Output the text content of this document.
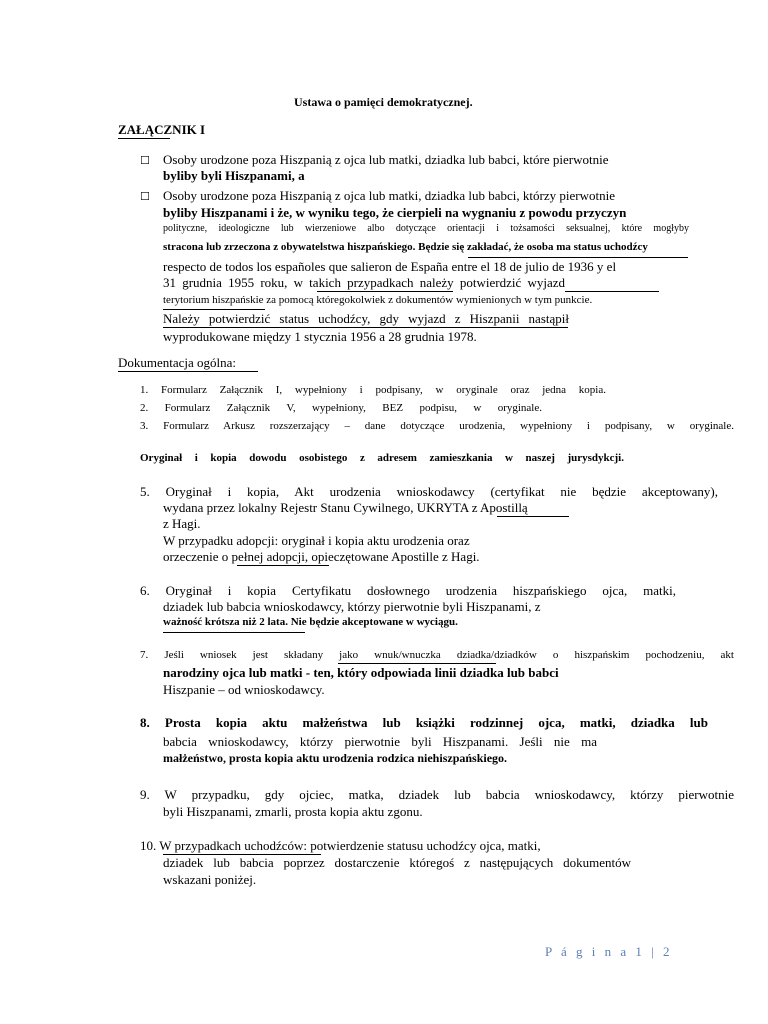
Ustawa o pamięci demokratycznej.
ZAŁĄCZNIK I
☐ Osoby urodzone poza Hiszpanią z ojca lub matki, dziadka lub babci, które pierwotnie
byliby byli Hiszpanami, a
☐ Osoby urodzone poza Hiszpanią z ojca lub matki, dziadka lub babci, którzy pierwotnie
byliby Hiszpanami i że, w wyniku tego, że cierpieli na wygnaniu z powodu przyczyn
polityczne, ideologiczne lub wierzeniowe albo dotyczące orientacji i tożsamości seksualnej, które mogłyby
stracona lub zrzeczona z obywatelstwa hiszpańskiego. Będzie się zakładać, że osoba ma status uchodźcy
respecto de todos los españoles que salieron de España entre el 18 de julio de 1936 y el
31 grudnia 1955 roku, w takich przypadkach należy potwierdzić wyjazd
terytorium hiszpańskie za pomocą któregokolwiek z dokumentów wymienionych w tym punkcie.
Należy potwierdzić status uchodźcy, gdy wyjazd z Hiszpanii nastąpił
wyprodukowane między 1 stycznia 1956 a 28 grudnia 1978.
Dokumentacja ogólna:
1. Formularz Załącznik I, wypełniony i podpisany, w oryginale oraz jedna kopia.
2. Formularz Załącznik V, wypełniony, BEZ podpisu, w oryginale.
3. Formularz Arkusz rozszerzający – dane dotyczące urodzenia, wypełniony i podpisany, w oryginale.
Oryginał i kopia dowodu osobistego z adresem zamieszkania w naszej jurysdykcji.
5. Oryginał i kopia, Akt urodzenia wnioskodawcy (certyfikat nie będzie akceptowany),
wydana przez lokalny Rejestr Stanu Cywilnego, UKRYTA z Apostillą
z Hagi.
W przypadku adopcji: oryginał i kopia aktu urodzenia oraz
orzeczenie o pełnej adopcji, opieczętowane Apostille z Hagi.
6. Oryginał i kopia Certyfikatu dosłownego urodzenia hiszpańskiego ojca, matki,
dziadek lub babcia wnioskodawcy, którzy pierwotnie byli Hiszpanami, z
ważność krótsza niż 2 lata. Nie będzie akceptowane w wyciągu.
7. Jeśli wniosek jest składany jako wnuk/wnuczka dziadka/dziadków o hiszpańskim pochodzeniu, akt
narodziny ojca lub matki - ten, który odpowiada linii dziadka lub babci
Hiszpanie – od wnioskodawcy.
8. Prosta kopia aktu małżeństwa lub książki rodzinnej ojca, matki, dziadka lub
babcia wnioskodawcy, którzy pierwotnie byli Hiszpanami. Jeśli nie ma
małżeństwo, prosta kopia aktu urodzenia rodzica niehiszpańskiego.
9. W przypadku, gdy ojciec, matka, dziadek lub babcia wnioskodawcy, którzy pierwotnie
byli Hiszpanami, zmarli, prosta kopia aktu zgonu.
10. W przypadkach uchodźców: potwierdzenie statusu uchodźcy ojca, matki,
dziadek lub babcia poprzez dostarczenie któregoś z następujących dokumentów
wskazani poniżej.
P á g i n a 1 | 2
